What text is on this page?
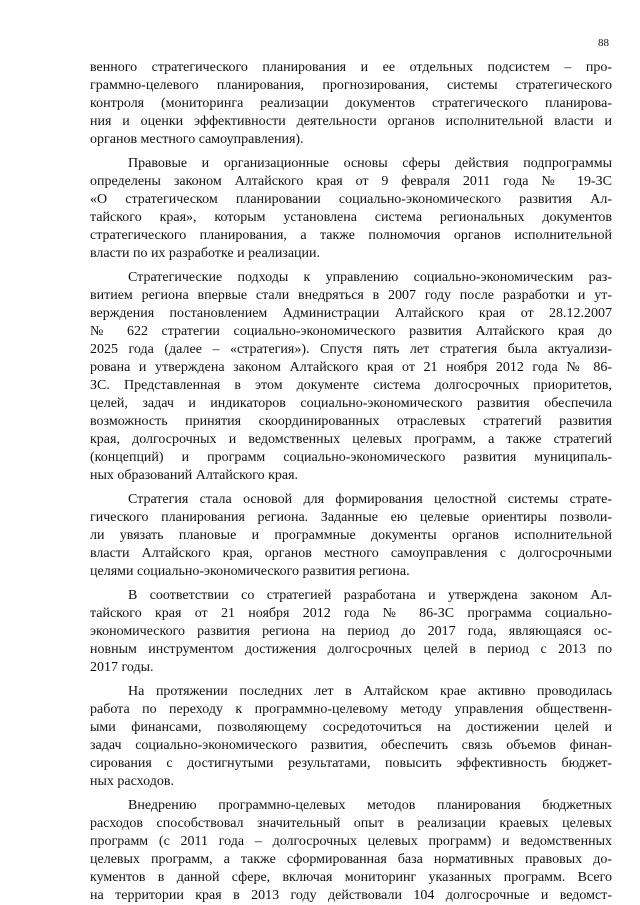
88
венного стратегического планирования и ее отдельных подсистем – про-
граммно-целевого планирования, прогнозирования, системы стратегического
контроля (мониторинга реализации документов стратегического планирова-
ния и оценки эффективности деятельности органов исполнительной власти и
органов местного самоуправления).
Правовые и организационные основы сферы действия подпрограммы
определены законом Алтайского края от 9 февраля 2011 года № 19-ЗС
«О стратегическом планировании социально-экономического развития Ал-
тайского края», которым установлена система региональных документов
стратегического планирования, а также полномочия органов исполнительной
власти по их разработке и реализации.
Стратегические подходы к управлению социально-экономическим раз-
витием региона впервые стали внедряться в 2007 году после разработки и ут-
верждения постановлением Администрации Алтайского края от 28.12.2007
№ 622 стратегии социально-экономического развития Алтайского края до
2025 года (далее – «стратегия»). Спустя пять лет стратегия была актуализи-
рована и утверждена законом Алтайского края от 21 ноября 2012 года № 86-
ЗС. Представленная в этом документе система долгосрочных приоритетов,
целей, задач и индикаторов социально-экономического развития обеспечила
возможность принятия скоординированных отраслевых стратегий развития
края, долгосрочных и ведомственных целевых программ, а также стратегий
(концепций) и программ социально-экономического развития муниципаль-
ных образований Алтайского края.
Стратегия стала основой для формирования целостной системы страте-
гического планирования региона. Заданные ею целевые ориентиры позволи-
ли увязать плановые и программные документы органов исполнительной
власти Алтайского края, органов местного самоуправления с долгосрочными
целями социально-экономического развития региона.
В соответствии со стратегией разработана и утверждена законом Ал-
тайского края от 21 ноября 2012 года № 86-ЗС программа социально-
экономического развития региона на период до 2017 года, являющаяся ос-
новным инструментом достижения долгосрочных целей в период с 2013 по
2017 годы.
На протяжении последних лет в Алтайском крае активно проводилась
работа по переходу к программно-целевому методу управления общественн-
ыми финансами, позволяющему сосредоточиться на достижении целей и
задач социально-экономического развития, обеспечить связь объемов финан-
сирования с достигнутыми результатами, повысить эффективность бюджет-
ных расходов.
Внедрению программно-целевых методов планирования бюджетных
расходов способствовал значительный опыт в реализации краевых целевых
программ (с 2011 года – долгосрочных целевых программ) и ведомственных
целевых программ, а также сформированная база нормативных правовых до-
кументов в данной сфере, включая мониторинг указанных программ. Всего
на территории края в 2013 году действовали 104 долгосрочные и ведомст-
